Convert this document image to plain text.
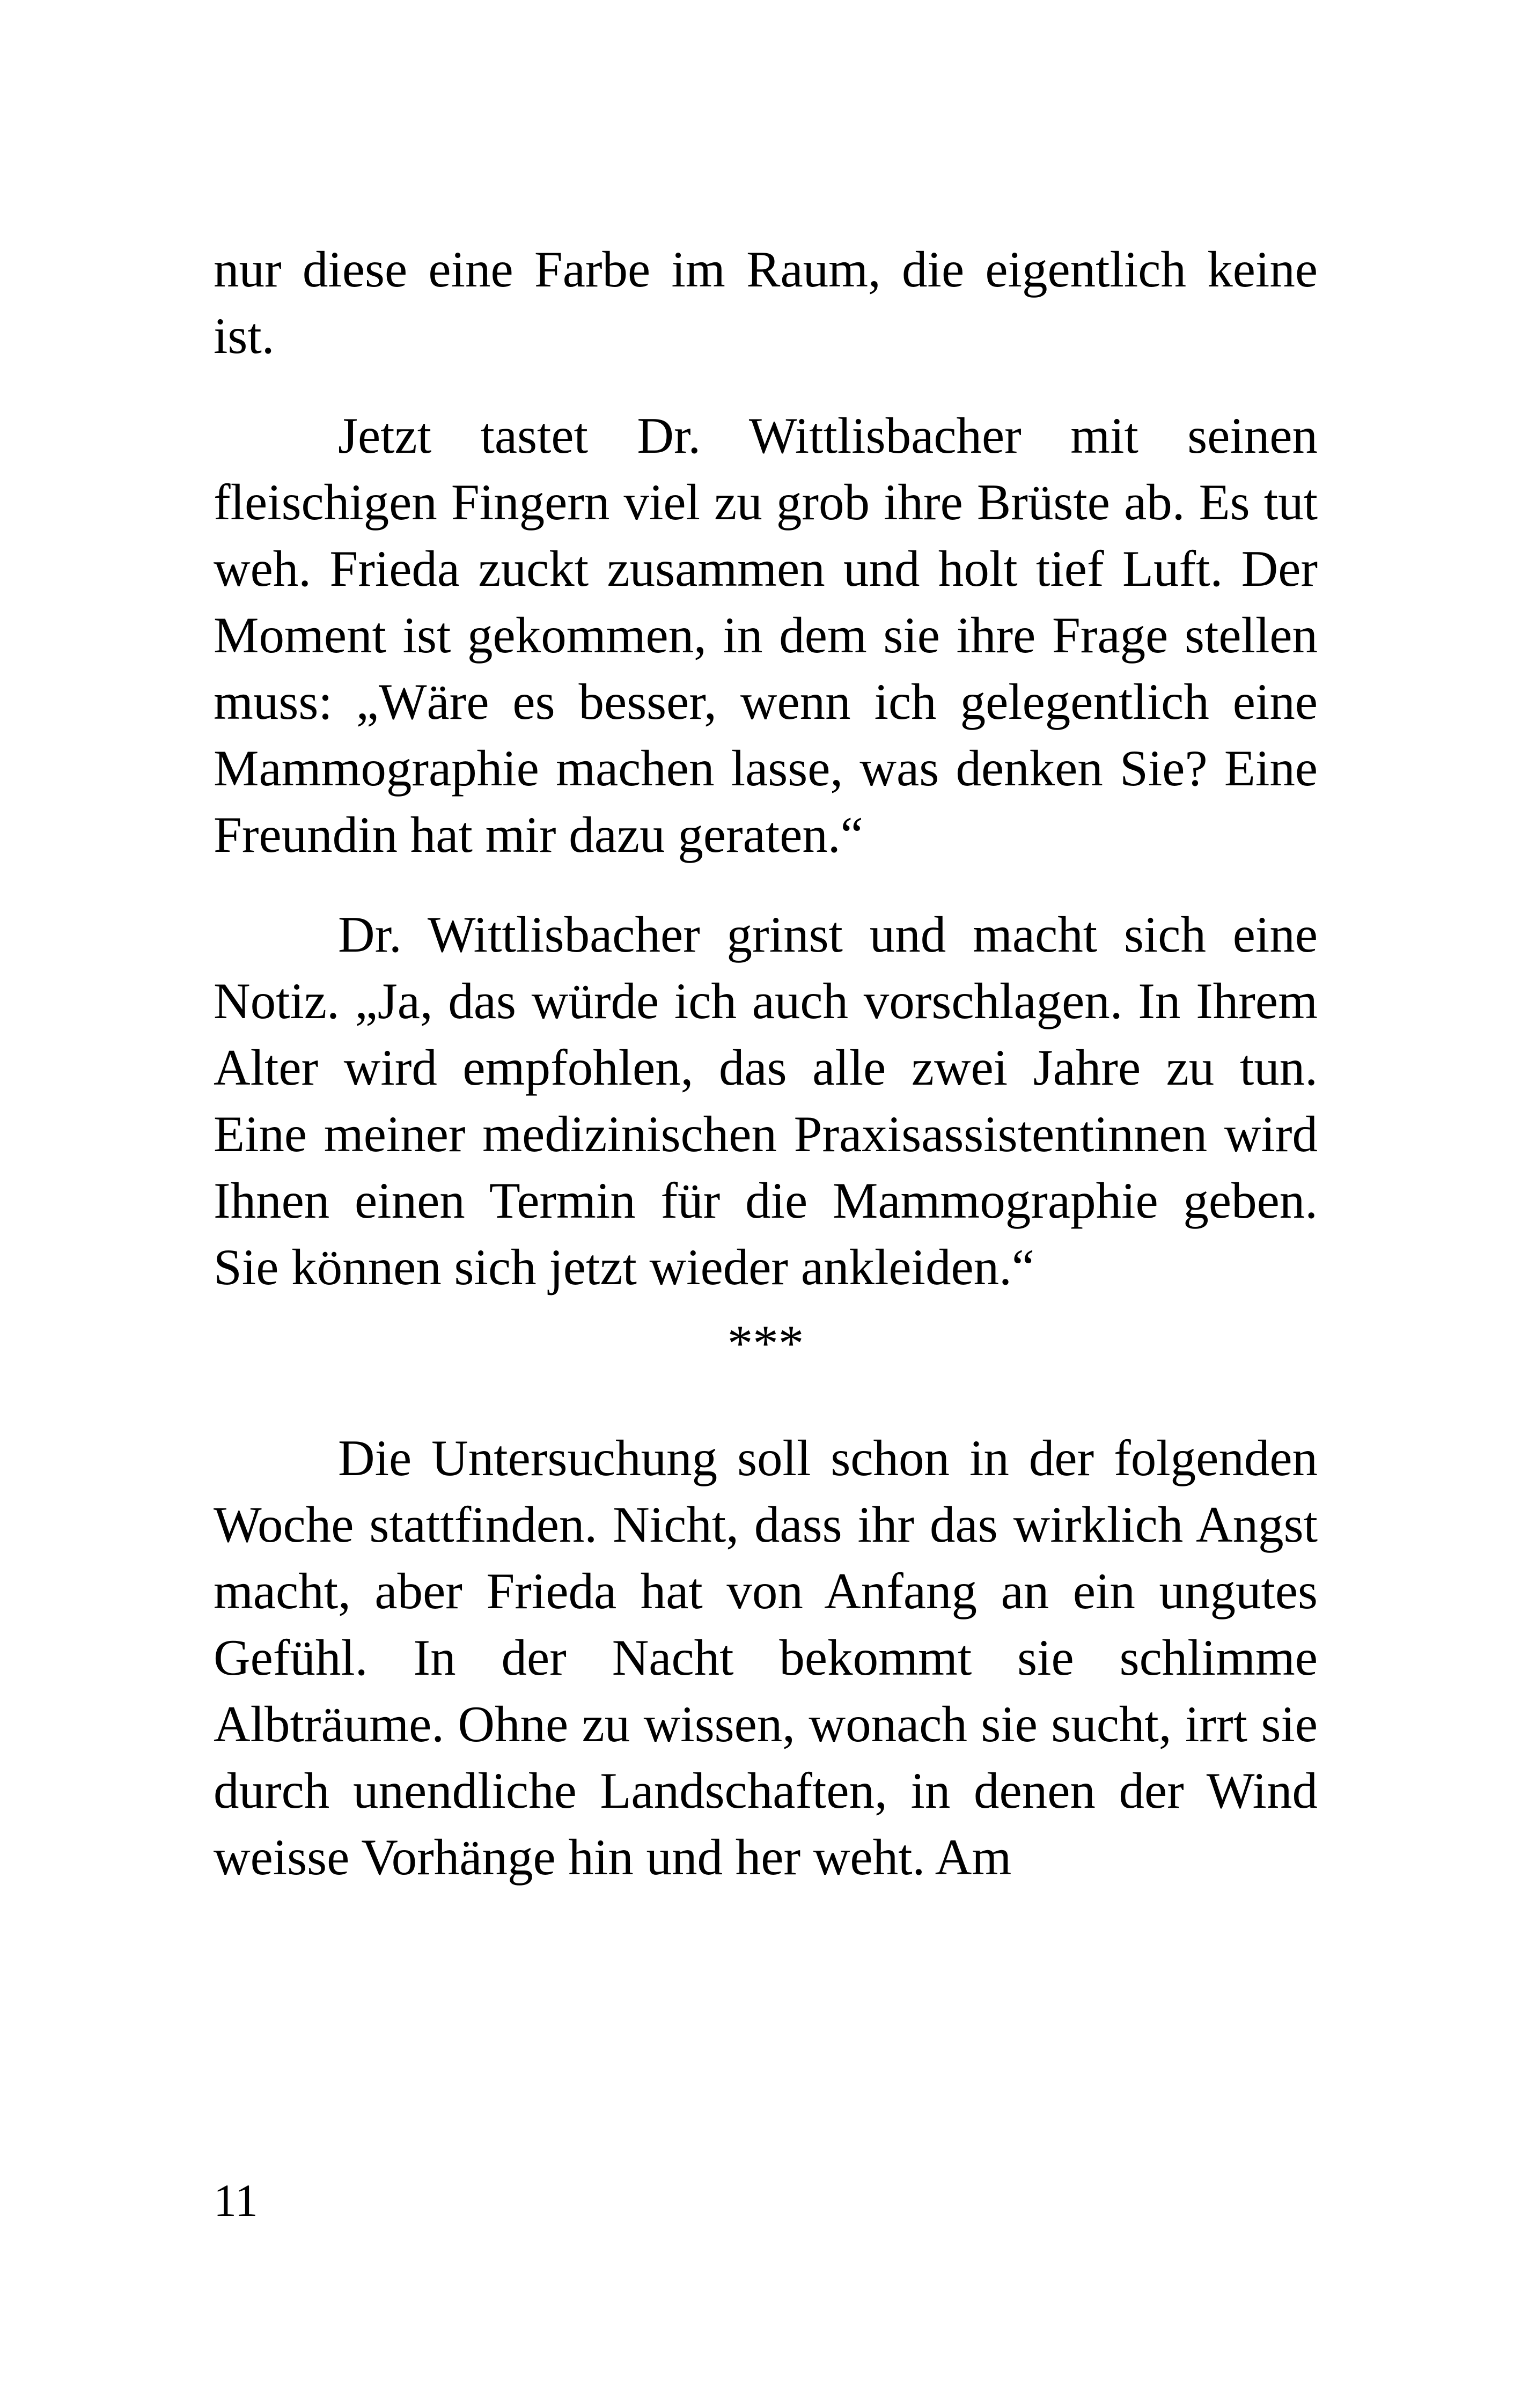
nur diese eine Farbe im Raum, die eigentlich keine ist.

Jetzt tastet Dr. Wittlisbacher mit seinen fleischigen Fingern viel zu grob ihre Brüste ab. Es tut weh. Frieda zuckt zusammen und holt tief Luft. Der Moment ist gekommen, in dem sie ihre Frage stellen muss: „Wäre es besser, wenn ich gelegentlich eine Mammographie machen lasse, was denken Sie? Eine Freundin hat mir dazu geraten.“

Dr. Wittlisbacher grinst und macht sich eine Notiz. „Ja, das würde ich auch vorschlagen. In Ihrem Alter wird empfohlen, das alle zwei Jahre zu tun. Eine meiner medizinischen Praxisassistentinnen wird Ihnen einen Termin für die Mammographie geben. Sie können sich jetzt wieder ankleiden.“

***

Die Untersuchung soll schon in der folgenden Woche stattfinden. Nicht, dass ihr das wirklich Angst macht, aber Frieda hat von Anfang an ein ungutes Gefühl. In der Nacht bekommt sie schlimme Albträume. Ohne zu wissen, wonach sie sucht, irrt sie durch unendliche Landschaften, in denen der Wind weisse Vorhänge hin und her weht. Am

11
